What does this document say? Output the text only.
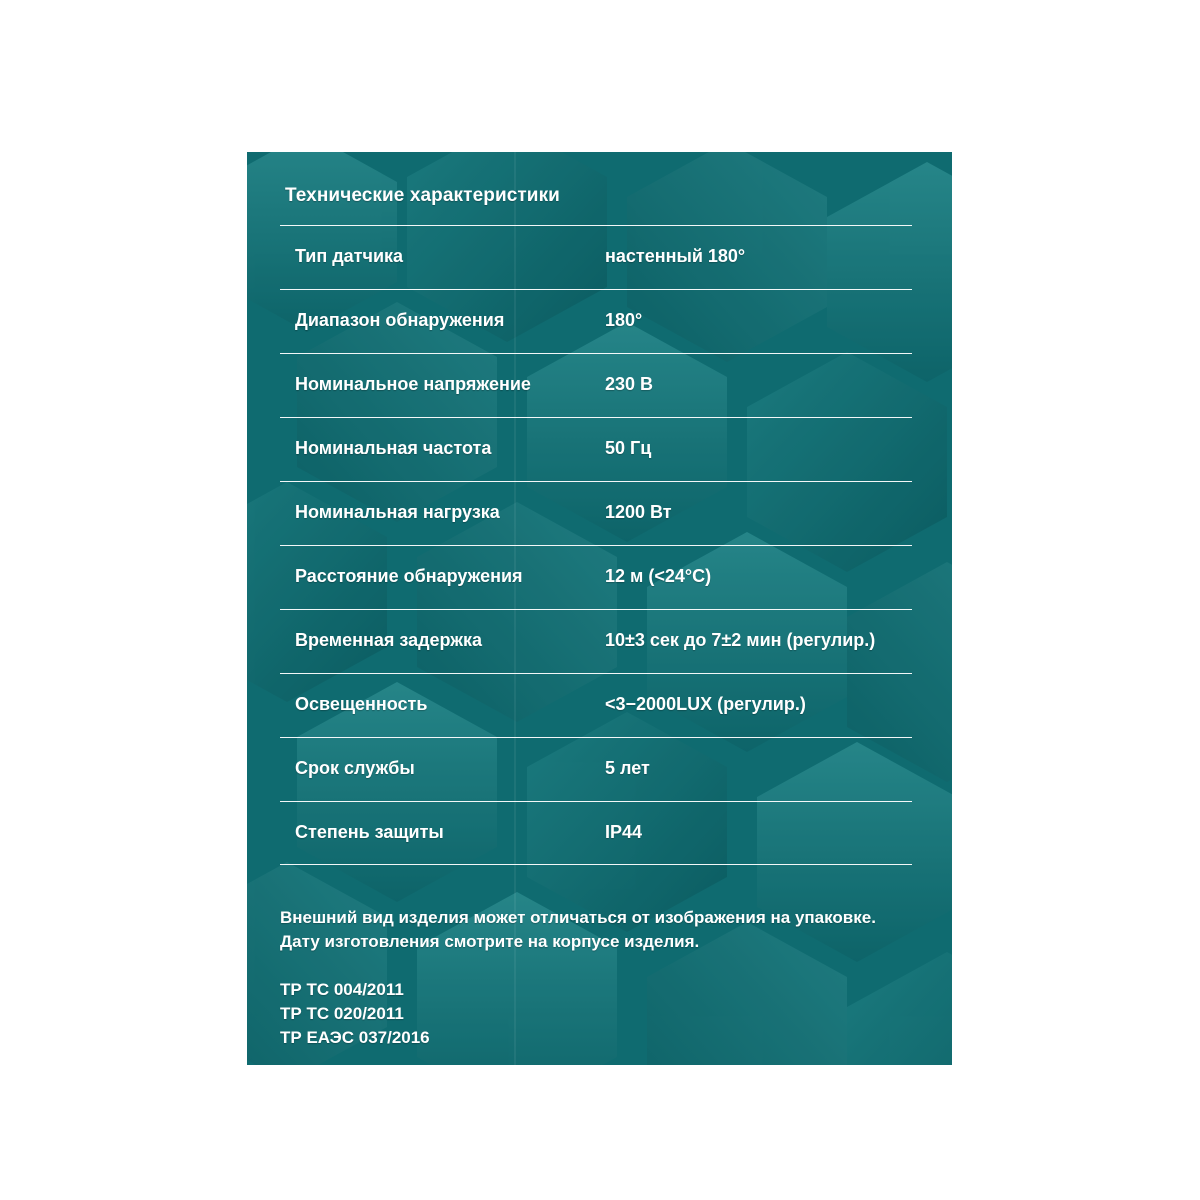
Технические характеристики
Тип датчика	настенный 180°
Диапазон обнаружения	180°
Номинальное напряжение	230 В
Номинальная частота	50 Гц
Номинальная нагрузка	1200 Вт
Расстояние обнаружения	12 м (<24°С)
Временная задержка	10±3 сек до 7±2 мин (регулир.)
Освещенность	<3−2000LUX (регулир.)
Срок службы	5 лет
Степень защиты	IP44
Внешний вид изделия может отличаться от изображения на упаковке.
Дату изготовления смотрите на корпусе изделия.
ТР ТС 004/2011
ТР ТС 020/2011
ТР ЕАЭС 037/2016
